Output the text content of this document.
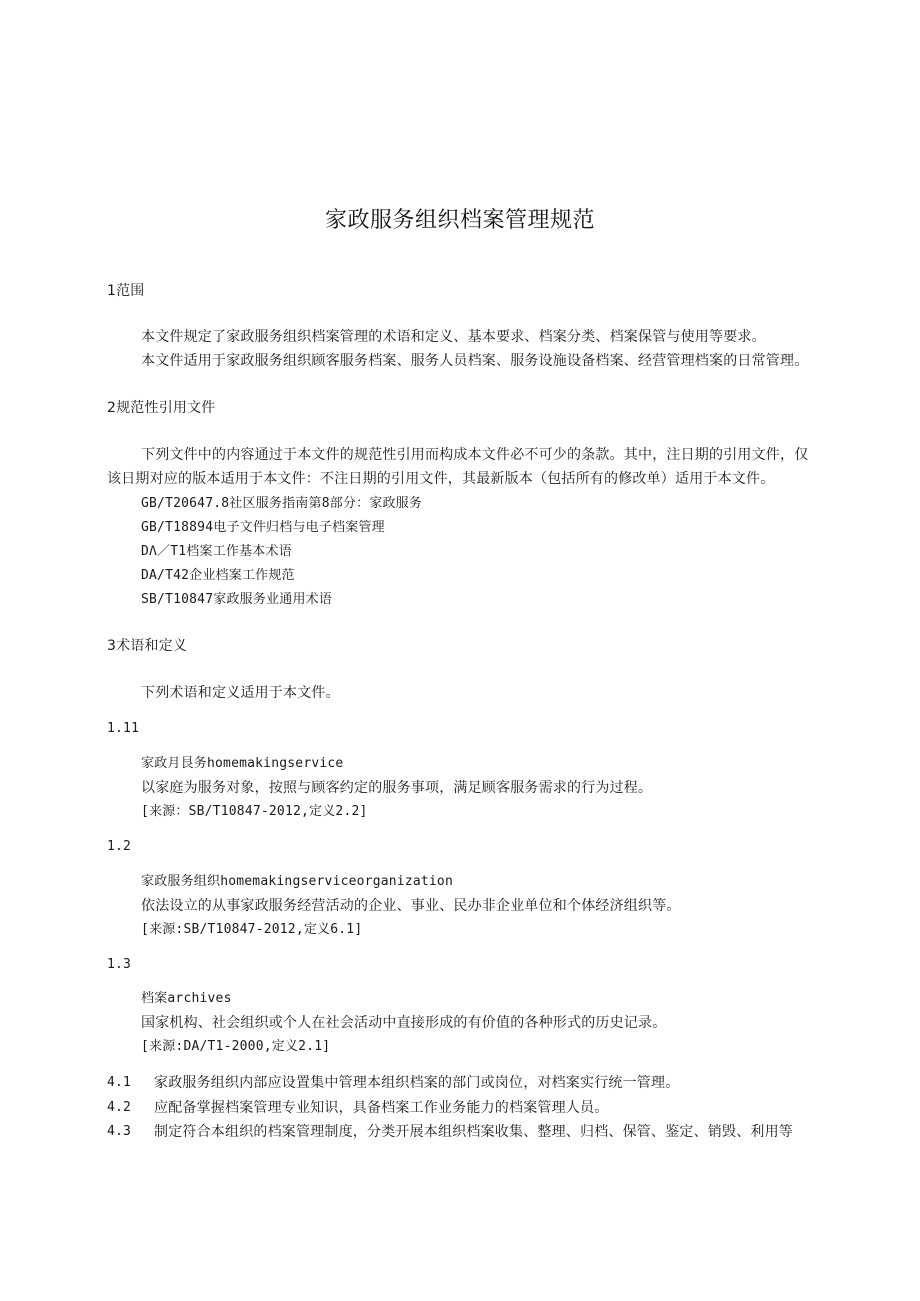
家政服务组织档案管理规范
1范围
本文件规定了家政服务组织档案管理的术语和定义、基本要求、档案分类、档案保管与使用等要求。
本文件适用于家政服务组织顾客服务档案、服务人员档案、服务设施设备档案、经营管理档案的日常管理。
2规范性引用文件
下列文件中的内容通过于本文件的规范性引用而构成本文件必不可少的条款。其中，注日期的引用文件，仅
该日期对应的版本适用于本文件：不注日期的引用文件，其最新版本（包括所有的修改单）适用于本文件。
GB/T20647.8社区服务指南第8部分：家政服务
GB/T18894电子文件归档与电子档案管理
DΛ／T1档案工作基本术语
DA/T42企业档案工作规范
SB/T10847家政服务业通用术语
3术语和定义
下列术语和定义适用于本文件。
1.11
家政月艮务homemakingservice
以家庭为服务对象，按照与顾客约定的服务事项，满足顾客服务需求的行为过程。
[来源：SB/T10847-2012,定义2.2]
1.2
家政服务组织homemakingserviceorganization
依法设立的从事家政服务经营活动的企业、事业、民办非企业单位和个体经济组织等。
[来源:SB/T10847-2012,定义6.1]
1.3
档案archives
国家机构、社会组织或个人在社会活动中直接形成的有价值的各种形式的历史记录。
[来源:DA/T1-2000,定义2.1]
4.1 家政服务组织内部应设置集中管理本组织档案的部门或岗位，对档案实行统一管理。
4.2 应配备掌握档案管理专业知识，具备档案工作业务能力的档案管理人员。
4.3 制定符合本组织的档案管理制度，分类开展本组织档案收集、整理、归档、保管、鉴定、销毁、利用等
